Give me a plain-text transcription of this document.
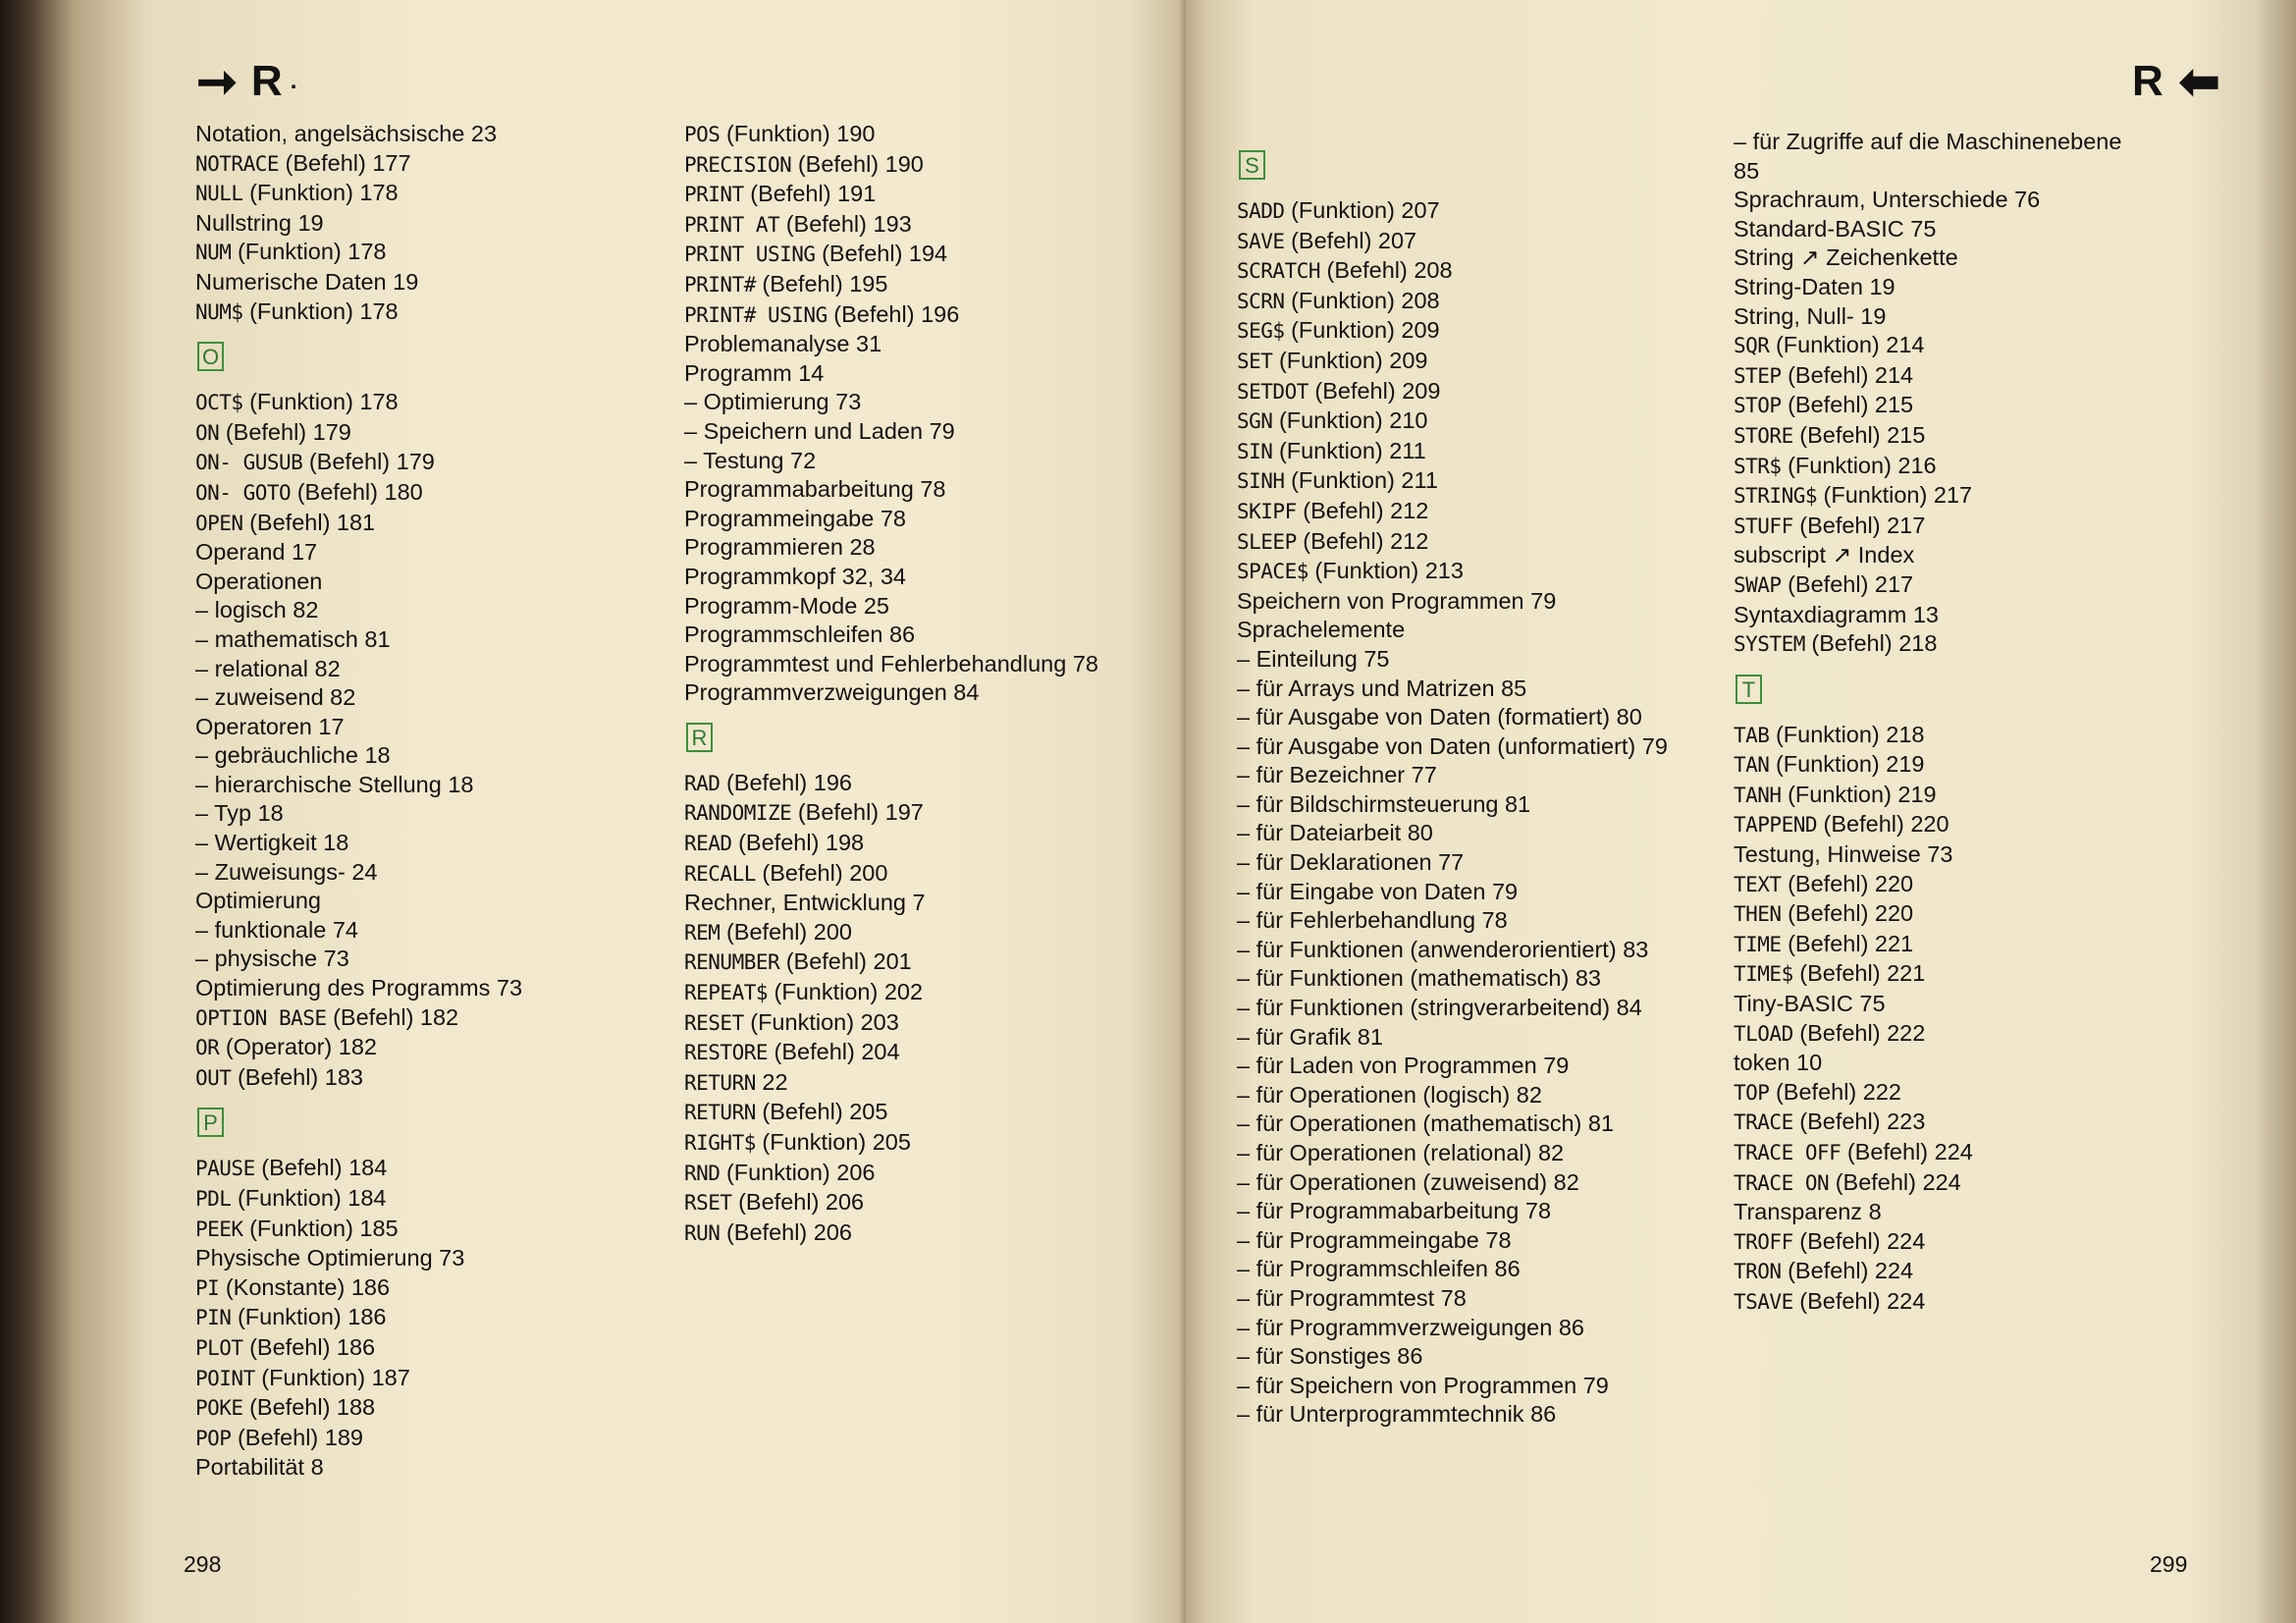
➞ R .
Notation, angelsächsische 23
NOTRACE (Befehl) 177
NULL (Funktion) 178
Nullstring 19
NUM (Funktion) 178
Numerische Daten 19
NUM$ (Funktion) 178
O
OCT$ (Funktion) 178
ON (Befehl) 179
ON- GUSUB (Befehl) 179
ON- GOTO (Befehl) 180
OPEN (Befehl) 181
Operand 17
Operationen
– logisch 82
– mathematisch 81
– relational 82
– zuweisend 82
Operatoren 17
– gebräuchliche 18
– hierarchische Stellung 18
– Typ 18
– Wertigkeit 18
– Zuweisungs- 24
Optimierung
– funktionale 74
– physische 73
Optimierung des Programms 73
OPTION BASE (Befehl) 182
OR (Operator) 182
OUT (Befehl) 183
P
PAUSE (Befehl) 184
PDL (Funktion) 184
PEEK (Funktion) 185
Physische Optimierung 73
PI (Konstante) 186
PIN (Funktion) 186
PLOT (Befehl) 186
POINT (Funktion) 187
POKE (Befehl) 188
POP (Befehl) 189
Portabilität 8
POS (Funktion) 190
PRECISION (Befehl) 190
PRINT (Befehl) 191
PRINT AT (Befehl) 193
PRINT USING (Befehl) 194
PRINT# (Befehl) 195
PRINT# USING (Befehl) 196
Problemanalyse 31
Programm 14
– Optimierung 73
– Speichern und Laden 79
– Testung 72
Programmabarbeitung 78
Programmeingabe 78
Programmieren 28
Programmkopf 32, 34
Programm-Mode 25
Programmschleifen 86
Programmtest und Fehlerbehandlung 78
Programmverzweigungen 84
R
RAD (Befehl) 196
RANDOMIZE (Befehl) 197
READ (Befehl) 198
RECALL (Befehl) 200
Rechner, Entwicklung 7
REM (Befehl) 200
RENUMBER (Befehl) 201
REPEAT$ (Funktion) 202
RESET (Funktion) 203
RESTORE (Befehl) 204
RETURN 22
RETURN (Befehl) 205
RIGHT$ (Funktion) 205
RND (Funktion) 206
RSET (Befehl) 206
RUN (Befehl) 206
298
R ⬅
S
SADD (Funktion) 207
SAVE (Befehl) 207
SCRATCH (Befehl) 208
SCRN (Funktion) 208
SEG$ (Funktion) 209
SET (Funktion) 209
SETDOT (Befehl) 209
SGN (Funktion) 210
SIN (Funktion) 211
SINH (Funktion) 211
SKIPF (Befehl) 212
SLEEP (Befehl) 212
SPACE$ (Funktion) 213
Speichern von Programmen 79
Sprachelemente
– Einteilung 75
– für Arrays und Matrizen 85
– für Ausgabe von Daten (formatiert) 80
– für Ausgabe von Daten (unformatiert) 79
– für Bezeichner 77
– für Bildschirmsteuerung 81
– für Dateiarbeit 80
– für Deklarationen 77
– für Eingabe von Daten 79
– für Fehlerbehandlung 78
– für Funktionen (anwenderorientiert) 83
– für Funktionen (mathematisch) 83
– für Funktionen (stringverarbeitend) 84
– für Grafik 81
– für Laden von Programmen 79
– für Operationen (logisch) 82
– für Operationen (mathematisch) 81
– für Operationen (relational) 82
– für Operationen (zuweisend) 82
– für Programmabarbeitung 78
– für Programmeingabe 78
– für Programmschleifen 86
– für Programmtest 78
– für Programmverzweigungen 86
– für Sonstiges 86
– für Speichern von Programmen 79
– für Unterprogrammtechnik 86
– für Zugriffe auf die Maschinenebene 85
Sprachraum, Unterschiede 76
Standard-BASIC 75
String ↗ Zeichenkette
String-Daten 19
String, Null- 19
SQR (Funktion) 214
STEP (Befehl) 214
STOP (Befehl) 215
STORE (Befehl) 215
STR$ (Funktion) 216
STRING$ (Funktion) 217
STUFF (Befehl) 217
subscript ↗ Index
SWAP (Befehl) 217
Syntaxdiagramm 13
SYSTEM (Befehl) 218
T
TAB (Funktion) 218
TAN (Funktion) 219
TANH (Funktion) 219
TAPPEND (Befehl) 220
Testung, Hinweise 73
TEXT (Befehl) 220
THEN (Befehl) 220
TIME (Befehl) 221
TIME$ (Befehl) 221
Tiny-BASIC 75
TLOAD (Befehl) 222
token 10
TOP (Befehl) 222
TRACE (Befehl) 223
TRACE OFF (Befehl) 224
TRACE ON (Befehl) 224
Transparenz 8
TROFF (Befehl) 224
TRON (Befehl) 224
TSAVE (Befehl) 224
299
